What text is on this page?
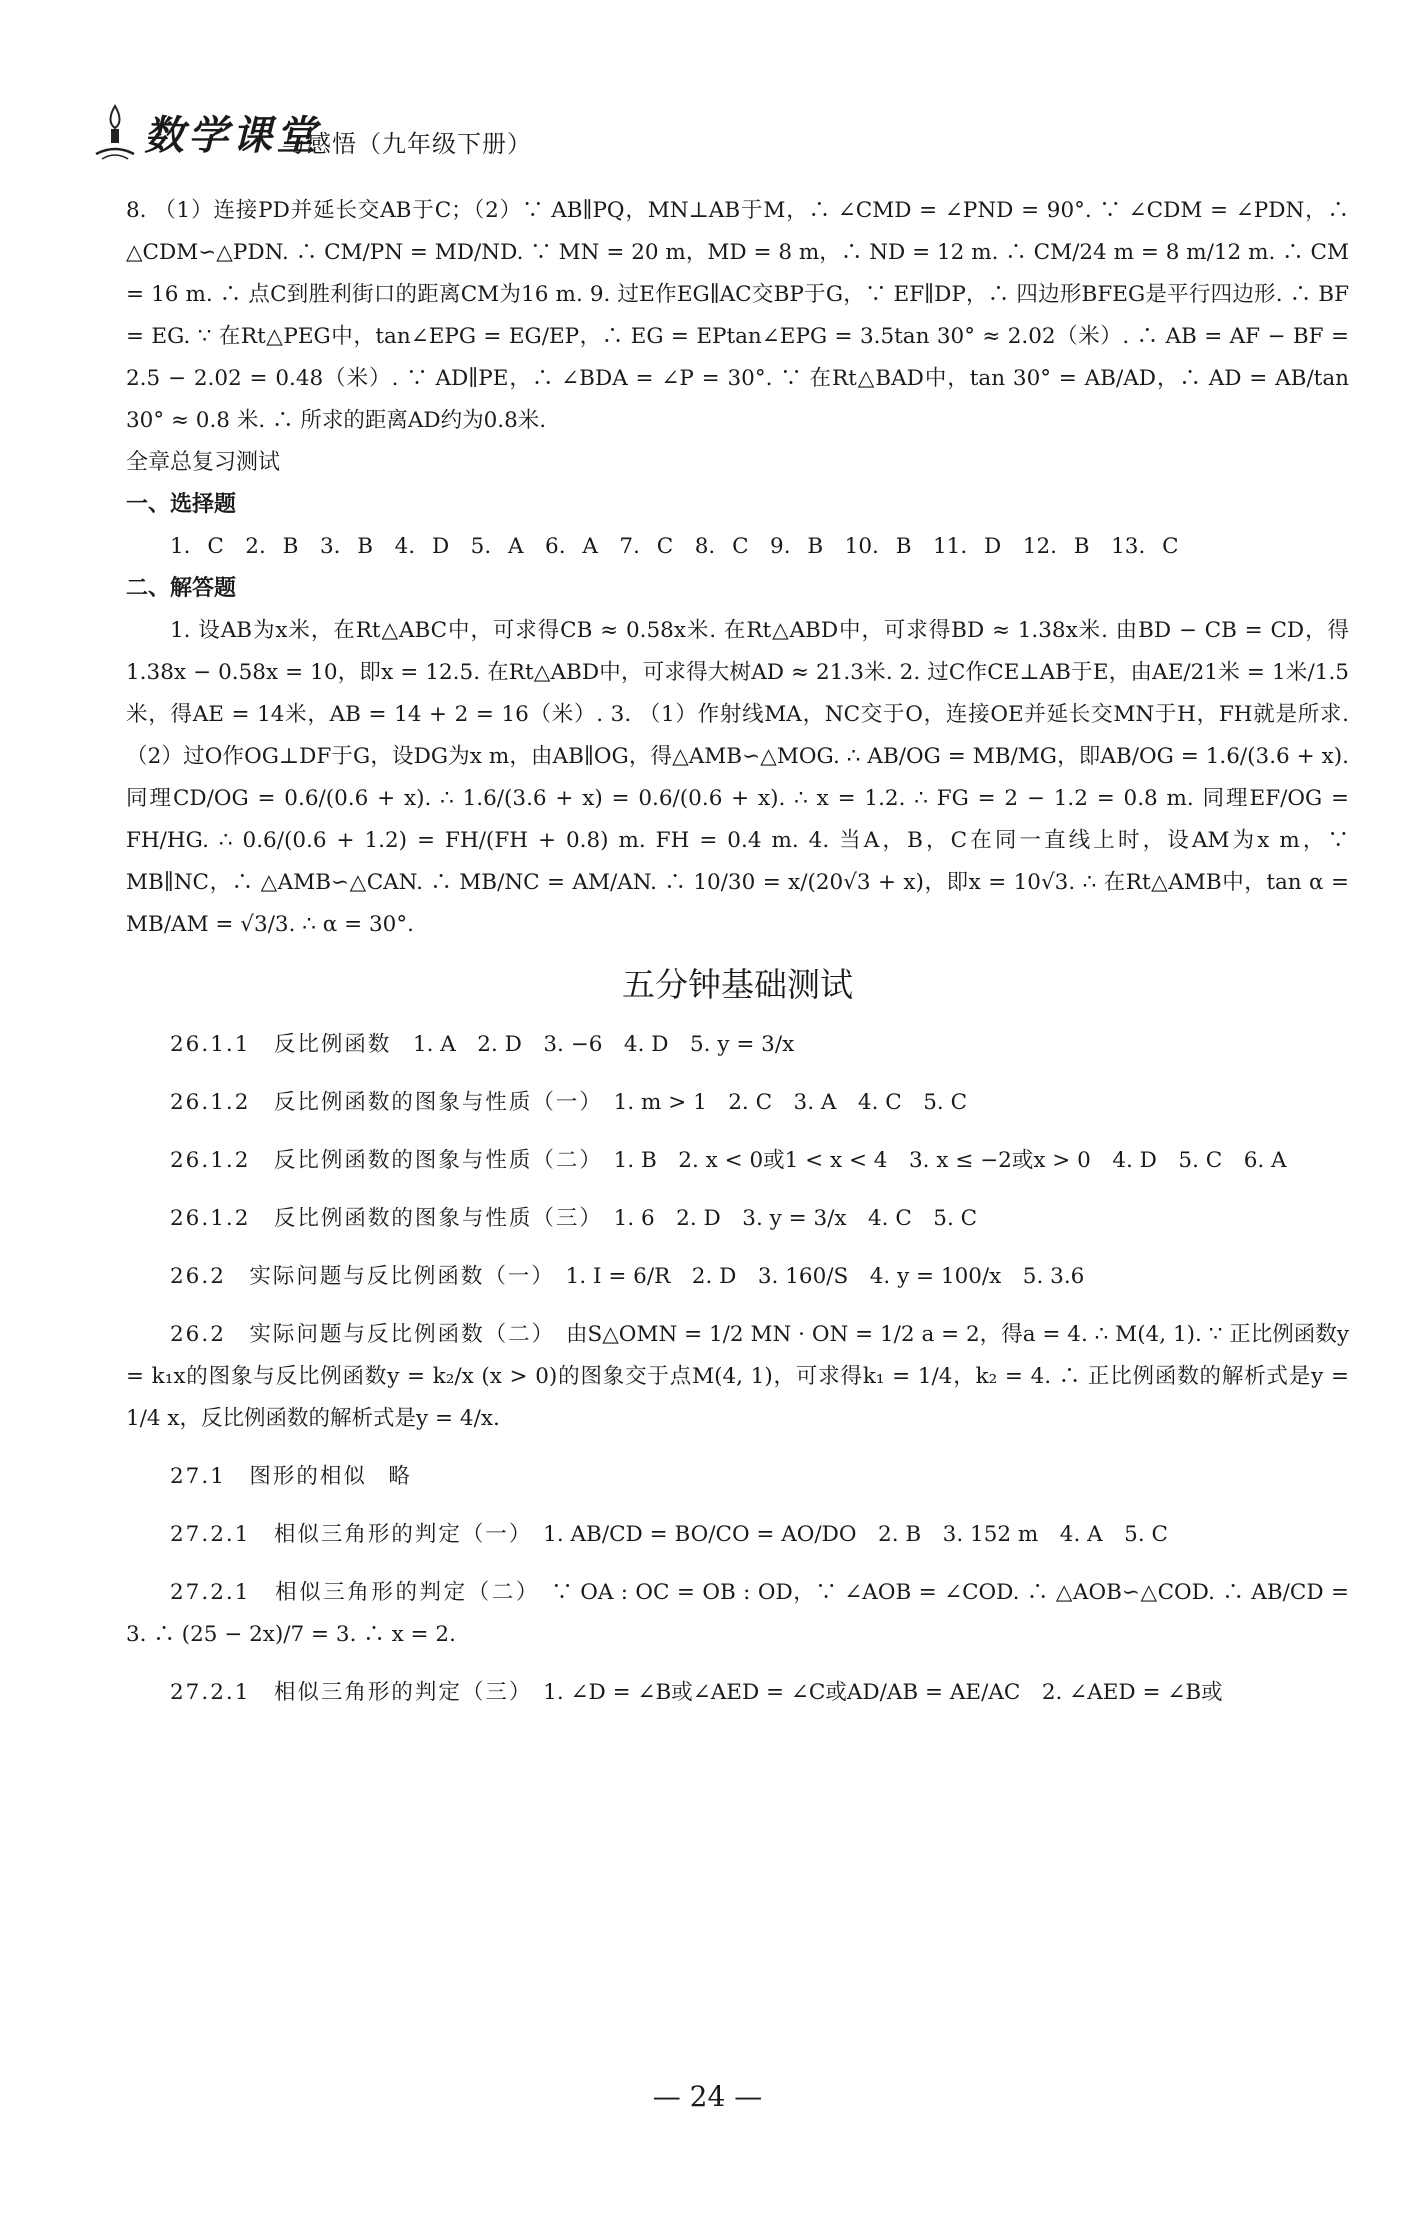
数学课堂
与感悟（九年级下册）

8. （1）连接PD并延长交AB于C；（2）∵ AB∥PQ，MN⊥AB于M，∴ ∠CMD = ∠PND = 90°. ∵ ∠CDM = ∠PDN，∴ △CDM∽△PDN. ∴ CM/PN = MD/ND. ∵ MN = 20 m，MD = 8 m，∴ ND = 12 m. ∴ CM/24 m = 8 m/12 m. ∴ CM = 16 m. ∴ 点C到胜利街口的距离CM为16 m. 9. 过E作EG∥AC交BP于G，∵ EF∥DP，∴ 四边形BFEG是平行四边形. ∴ BF = EG. ∵ 在Rt△PEG中，tan∠EPG = EG/EP，∴ EG = EPtan∠EPG = 3.5tan 30° ≈ 2.02（米）. ∴ AB = AF − BF = 2.5 − 2.02 = 0.48（米）. ∵ AD∥PE，∴ ∠BDA = ∠P = 30°. ∵ 在Rt△BAD中，tan 30° = AB/AD，∴ AD = AB/tan 30° ≈ 0.8 米. ∴ 所求的距离AD约为0.8米.

全章总复习测试

一、选择题

1. C　2. B　3. B　4. D　5. A　6. A　7. C　8. C　9. B　10. B　11. D　12. B　13. C

二、解答题

1. 设AB为x米，在Rt△ABC中，可求得CB ≈ 0.58x米. 在Rt△ABD中，可求得BD ≈ 1.38x米. 由BD − CB = CD，得1.38x − 0.58x = 10，即x = 12.5. 在Rt△ABD中，可求得大树AD ≈ 21.3米. 2. 过C作CE⊥AB于E，由AE/21米 = 1米/1.5米，得AE = 14米，AB = 14 + 2 = 16（米）. 3. （1）作射线MA，NC交于O，连接OE并延长交MN于H，FH就是所求. （2）过O作OG⊥DF于G，设DG为x m，由AB∥OG，得△AMB∽△MOG. ∴ AB/OG = MB/MG，即AB/OG = 1.6/(3.6 + x). 同理CD/OG = 0.6/(0.6 + x). ∴ 1.6/(3.6 + x) = 0.6/(0.6 + x). ∴ x = 1.2. ∴ FG = 2 − 1.2 = 0.8 m. 同理EF/OG = FH/HG. ∴ 0.6/(0.6 + 1.2) = FH/(FH + 0.8) m. FH = 0.4 m. 4. 当A，B，C在同一直线上时，设AM为x m，∵ MB∥NC，∴ △AMB∽△CAN. ∴ MB/NC = AM/AN. ∴ 10/30 = x/(20√3 + x)，即x = 10√3. ∴ 在Rt△AMB中，tan α = MB/AM = √3/3. ∴ α = 30°.

五分钟基础测试

26.1.1　反比例函数　 1. A　2. D　3. −6　4. D　5. y = 3/x

26.1.2　反比例函数的图象与性质（一）　 1. m > 1　2. C　3. A　4. C　5. C

26.1.2　反比例函数的图象与性质（二）　 1. B　2. x < 0或1 < x < 4　3. x ≤ −2或x > 0　4. D　5. C　6. A

26.1.2　反比例函数的图象与性质（三）　 1. 6　2. D　3. y = 3/x　4. C　5. C

26.2　实际问题与反比例函数（一）　 1. I = 6/R　2. D　3. 160/S　4. y = 100/x　5. 3.6

26.2　实际问题与反比例函数（二）　 由S△OMN = 1/2 MN · ON = 1/2 a = 2，得a = 4. ∴ M(4, 1). ∵ 正比例函数y = k₁x的图象与反比例函数y = k₂/x (x > 0)的图象交于点M(4, 1)，可求得k₁ = 1/4，k₂ = 4. ∴ 正比例函数的解析式是y = 1/4 x，反比例函数的解析式是y = 4/x.

27.1　图形的相似　 略

27.2.1　相似三角形的判定（一）　 1. AB/CD = BO/CO = AO/DO　2. B　3. 152 m　4. A　5. C

27.2.1　相似三角形的判定（二）　 ∵ OA : OC = OB : OD，∵ ∠AOB = ∠COD. ∴ △AOB∽△COD. ∴ AB/CD = 3. ∴ (25 − 2x)/7 = 3. ∴ x = 2.

27.2.1　相似三角形的判定（三）　 1. ∠D = ∠B或∠AED = ∠C或AD/AB = AE/AC　2. ∠AED = ∠B或

— 24 —
